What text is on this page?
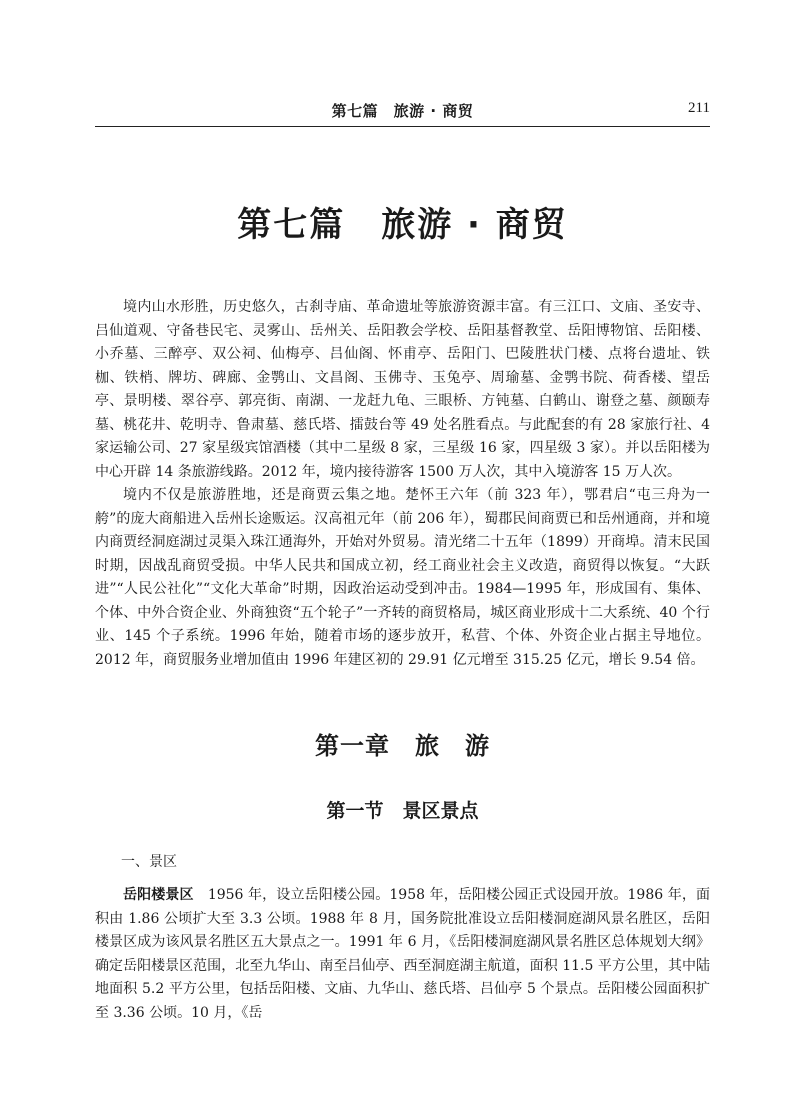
第七篇　旅游 · 商贸	211
第七篇　旅游 · 商贸

境内山水形胜，历史悠久，古刹寺庙、革命遗址等旅游资源丰富。有三江口、文庙、圣安寺、吕仙道观、守备巷民宅、灵雾山、岳州关、岳阳教会学校、岳阳基督教堂、岳阳博物馆、岳阳楼、小乔墓、三醉亭、双公祠、仙梅亭、吕仙阁、怀甫亭、岳阳门、巴陵胜状门楼、点将台遗址、铁枷、铁梢、牌坊、碑廊、金鹗山、文昌阁、玉佛寺、玉兔亭、周瑜墓、金鹗书院、荷香楼、望岳亭、景明楼、翠谷亭、郭亮街、南湖、一龙赶九龟、三眼桥、方钝墓、白鹤山、谢登之墓、颜颐寿墓、桃花井、乾明寺、鲁肃墓、慈氏塔、擂鼓台等 49 处名胜看点。与此配套的有 28 家旅行社、4 家运输公司、27 家星级宾馆酒楼（其中二星级 8 家，三星级 16 家，四星级 3 家）。并以岳阳楼为中心开辟 14 条旅游线路。2012 年，境内接待游客 1500 万人次，其中入境游客 15 万人次。

境内不仅是旅游胜地，还是商贾云集之地。楚怀王六年（前 323 年），鄂君启“屯三舟为一舿”的庞大商船进入岳州长途贩运。汉高祖元年（前 206 年），蜀郡民间商贾已和岳州通商，并和境内商贾经洞庭湖过灵渠入珠江通海外，开始对外贸易。清光绪二十五年（1899）开商埠。清末民国时期，因战乱商贸受损。中华人民共和国成立初，经工商业社会主义改造，商贸得以恢复。“大跃进”“人民公社化”“文化大革命”时期，因政治运动受到冲击。1984—1995 年，形成国有、集体、个体、中外合资企业、外商独资“五个轮子”一齐转的商贸格局，城区商业形成十二大系统、40 个行业、145 个子系统。1996 年始，随着市场的逐步放开，私营、个体、外资企业占据主导地位。2012 年，商贸服务业增加值由 1996 年建区初的 29.91 亿元增至 315.25 亿元，增长 9.54 倍。

第一章　旅　游
第一节　景区景点
一、景区

岳阳楼景区　1956 年，设立岳阳楼公园。1958 年，岳阳楼公园正式设园开放。1986 年，面积由 1.86 公顷扩大至 3.3 公顷。1988 年 8 月，国务院批准设立岳阳楼洞庭湖风景名胜区，岳阳楼景区成为该风景名胜区五大景点之一。1991 年 6 月，《岳阳楼洞庭湖风景名胜区总体规划大纲》确定岳阳楼景区范围，北至九华山、南至吕仙亭、西至洞庭湖主航道，面积 11.5 平方公里，其中陆地面积 5.2 平方公里，包括岳阳楼、文庙、九华山、慈氏塔、吕仙亭 5 个景点。岳阳楼公园面积扩至 3.36 公顷。10 月，《岳
